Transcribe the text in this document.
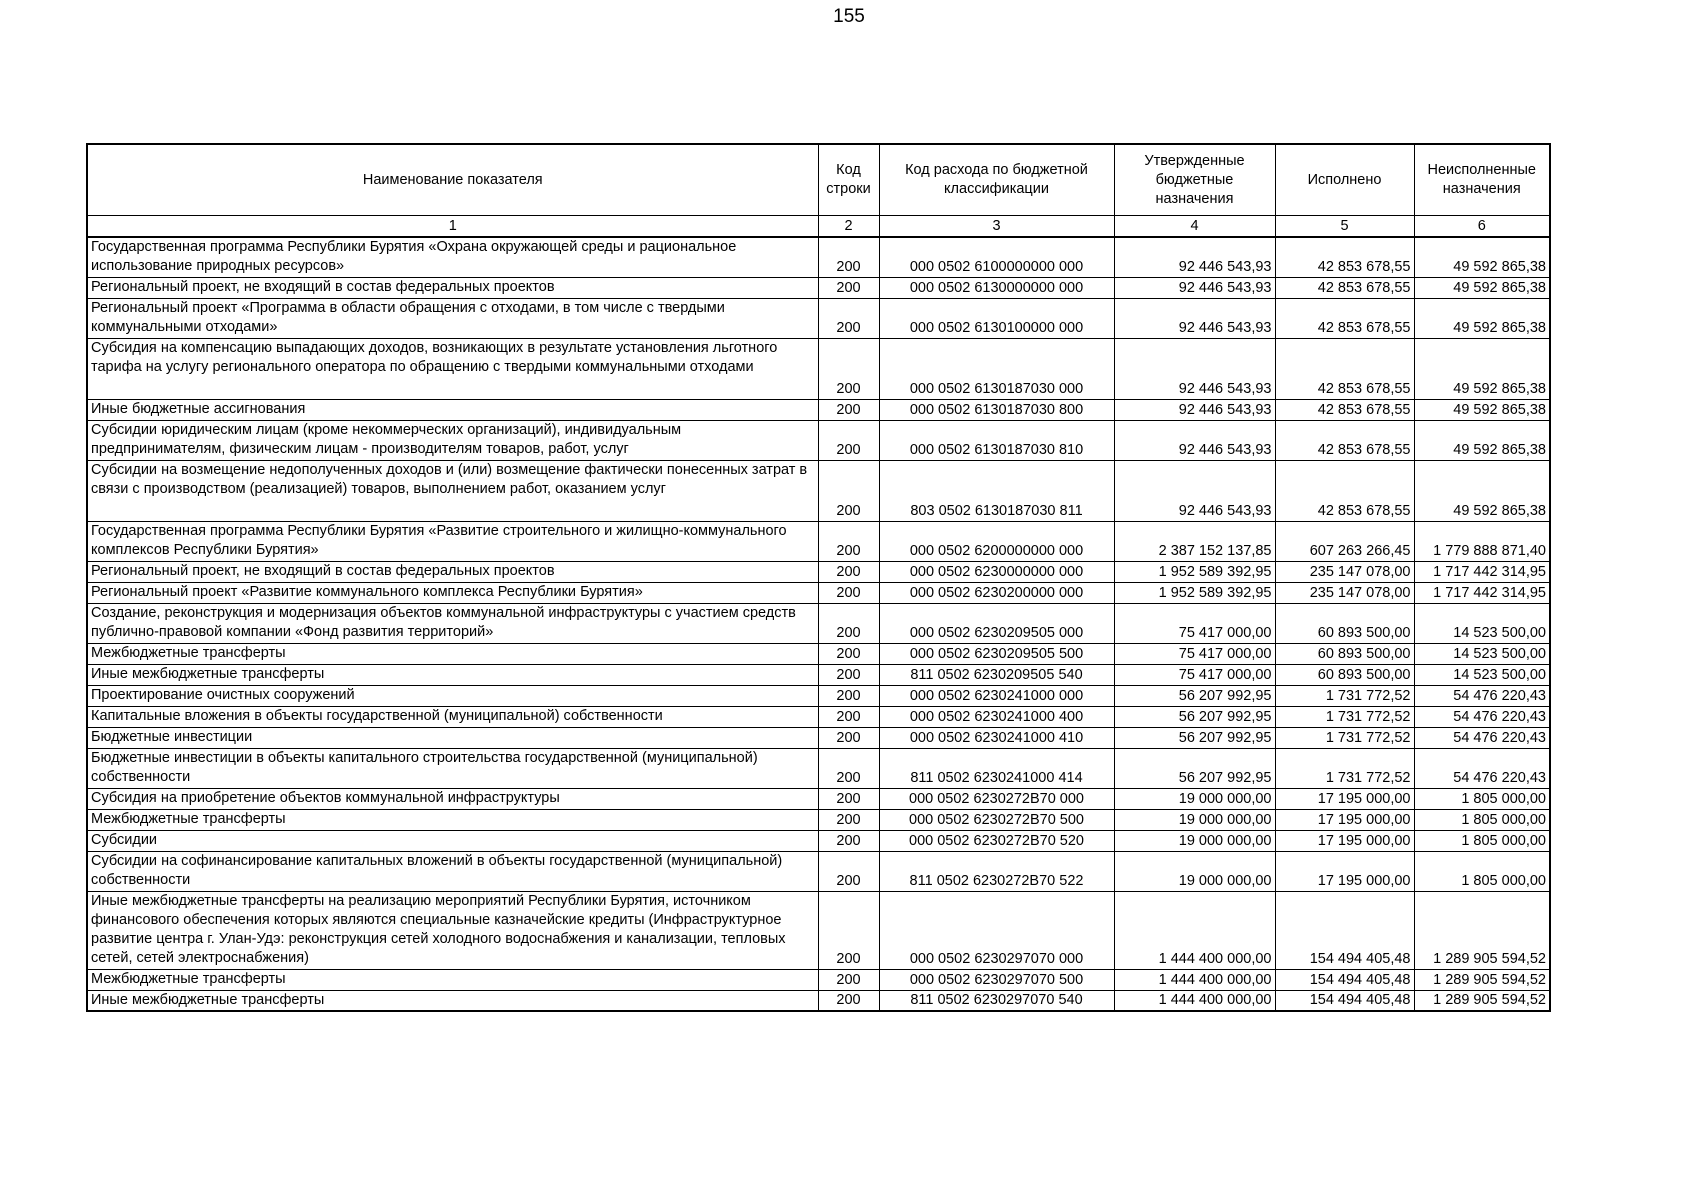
155
Наименование показателя	Код строки	Код расхода по бюджетной классификации	Утвержденные бюджетные назначения	Исполнено	Неисполненные назначения
1	2	3	4	5	6
Государственная программа Республики Бурятия «Охрана окружающей среды и рациональное использование природных ресурсов»	200	000 0502 6100000000 000	92 446 543,93	42 853 678,55	49 592 865,38
Региональный проект, не входящий в состав федеральных проектов	200	000 0502 6130000000 000	92 446 543,93	42 853 678,55	49 592 865,38
Региональный проект «Программа в области обращения с отходами, в том числе с твердыми коммунальными отходами»	200	000 0502 6130100000 000	92 446 543,93	42 853 678,55	49 592 865,38
Субсидия на компенсацию выпадающих доходов, возникающих в результате установления льготного тарифа на услугу регионального оператора по обращению с твердыми коммунальными отходами	200	000 0502 6130187030 000	92 446 543,93	42 853 678,55	49 592 865,38
Иные бюджетные ассигнования	200	000 0502 6130187030 800	92 446 543,93	42 853 678,55	49 592 865,38
Субсидии юридическим лицам (кроме некоммерческих организаций), индивидуальным предпринимателям, физическим лицам - производителям товаров, работ, услуг	200	000 0502 6130187030 810	92 446 543,93	42 853 678,55	49 592 865,38
Субсидии на возмещение недополученных доходов и (или) возмещение фактически понесенных затрат в связи с производством (реализацией) товаров, выполнением работ, оказанием услуг	200	803 0502 6130187030 811	92 446 543,93	42 853 678,55	49 592 865,38
Государственная программа Республики Бурятия «Развитие строительного и жилищно-коммунального комплексов Республики Бурятия»	200	000 0502 6200000000 000	2 387 152 137,85	607 263 266,45	1 779 888 871,40
Региональный проект, не входящий в состав федеральных проектов	200	000 0502 6230000000 000	1 952 589 392,95	235 147 078,00	1 717 442 314,95
Региональный проект «Развитие коммунального комплекса Республики Бурятия»	200	000 0502 6230200000 000	1 952 589 392,95	235 147 078,00	1 717 442 314,95
Создание, реконструкция и модернизация объектов коммунальной инфраструктуры с участием средств публично-правовой компании «Фонд развития территорий»	200	000 0502 6230209505 000	75 417 000,00	60 893 500,00	14 523 500,00
Межбюджетные трансферты	200	000 0502 6230209505 500	75 417 000,00	60 893 500,00	14 523 500,00
Иные межбюджетные трансферты	200	811 0502 6230209505 540	75 417 000,00	60 893 500,00	14 523 500,00
Проектирование очистных сооружений	200	000 0502 6230241000 000	56 207 992,95	1 731 772,52	54 476 220,43
Капитальные вложения в объекты государственной (муниципальной) собственности	200	000 0502 6230241000 400	56 207 992,95	1 731 772,52	54 476 220,43
Бюджетные инвестиции	200	000 0502 6230241000 410	56 207 992,95	1 731 772,52	54 476 220,43
Бюджетные инвестиции в объекты капитального строительства государственной (муниципальной) собственности	200	811 0502 6230241000 414	56 207 992,95	1 731 772,52	54 476 220,43
Субсидия на приобретение объектов коммунальной инфраструктуры	200	000 0502 6230272В70 000	19 000 000,00	17 195 000,00	1 805 000,00
Межбюджетные трансферты	200	000 0502 6230272В70 500	19 000 000,00	17 195 000,00	1 805 000,00
Субсидии	200	000 0502 6230272В70 520	19 000 000,00	17 195 000,00	1 805 000,00
Субсидии на софинансирование капитальных вложений в объекты государственной (муниципальной) собственности	200	811 0502 6230272В70 522	19 000 000,00	17 195 000,00	1 805 000,00
Иные межбюджетные трансферты на реализацию мероприятий Республики Бурятия, источником финансового обеспечения которых являются специальные казначейские кредиты (Инфраструктурное развитие центра г. Улан-Удэ: реконструкция сетей холодного водоснабжения и канализации, тепловых сетей, сетей электроснабжения)	200	000 0502 6230297070 000	1 444 400 000,00	154 494 405,48	1 289 905 594,52
Межбюджетные трансферты	200	000 0502 6230297070 500	1 444 400 000,00	154 494 405,48	1 289 905 594,52
Иные межбюджетные трансферты	200	811 0502 6230297070 540	1 444 400 000,00	154 494 405,48	1 289 905 594,52
